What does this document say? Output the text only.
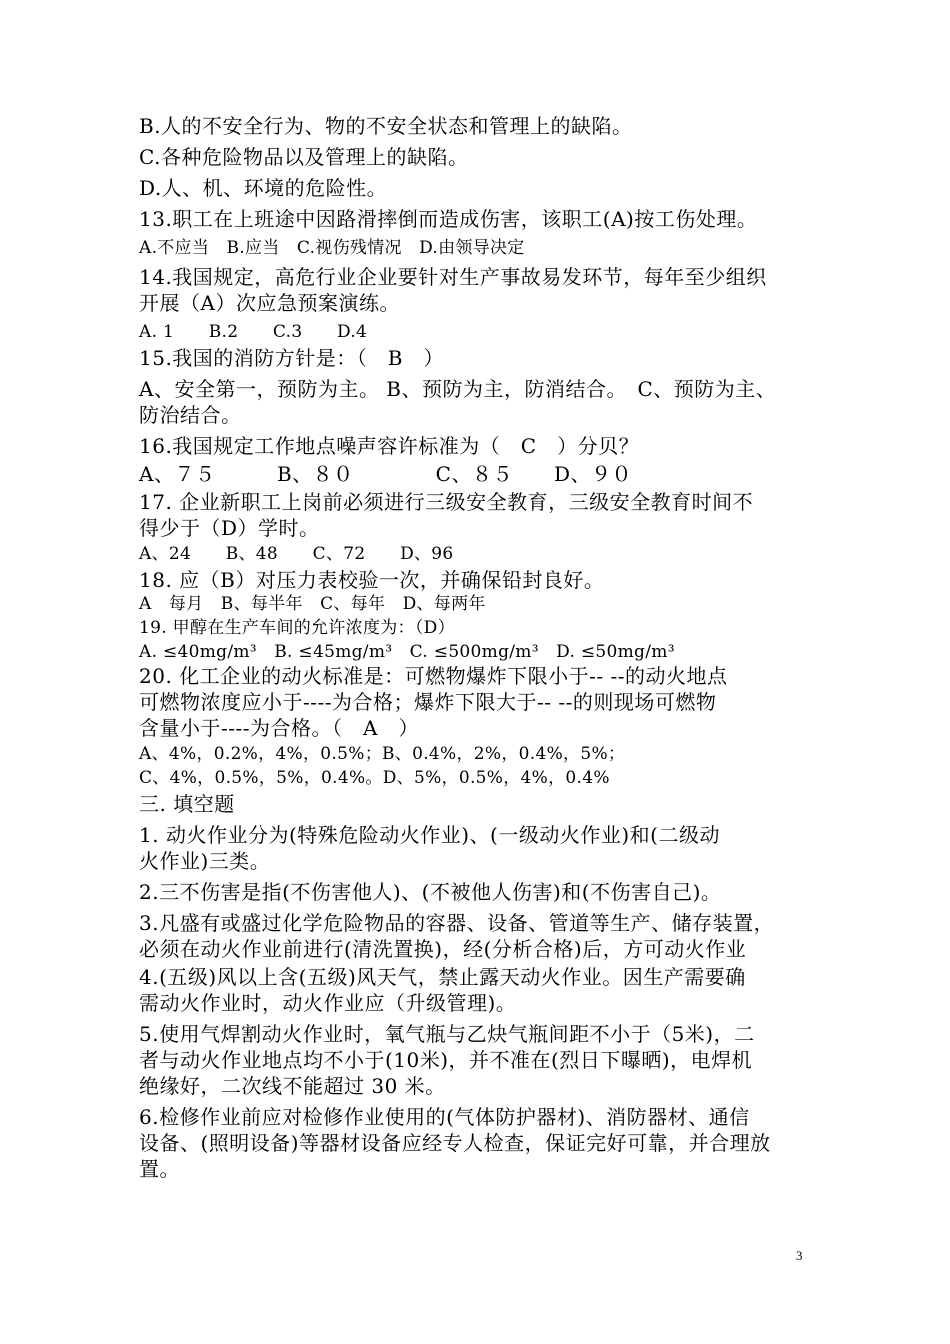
B.人的不安全行为、物的不安全状态和管理上的缺陷。

C.各种危险物品以及管理上的缺陷。

D.人、机、环境的危险性。

13.职工在上班途中因路滑摔倒而造成伤害，该职工(A)按工伤处理。

A.不应当　B.应当　C.视伤残情况　D.由领导决定

14.我国规定，高危行业企业要针对生产事故易发环节，每年至少组织

开展（A）次应急预案演练。

A. 1　　B.2　　C.3　　D.4

15.我国的消防方针是：（　B　）

A、安全第一，预防为主。 B、预防为主，防消结合。　C、预防为主、

防治结合。

16.我国规定工作地点噪声容许标准为（　C　）分贝？

A、７５　　　B、８０　　　　C、８５　　D、９０

17. 企业新职工上岗前必须进行三级安全教育，三级安全教育时间不

得少于（D）学时。

A、24　　B、48　　C、72　　D、96

18. 应（B）对压力表校验一次，并确保铅封良好。

A　每月　B、每半年　C、每年　D、每两年

19. 甲醇在生产车间的允许浓度为：（D）

A. ≤40mg/m³　B. ≤45mg/m³　C. ≤500mg/m³　D. ≤50mg/m³

20. 化工企业的动火标准是：可燃物爆炸下限小于-- --的动火地点

可燃物浓度应小于----为合格；爆炸下限大于-- --的则现场可燃物

含量小于----为合格。（　A　）

A、4%，0.2%，4%，0.5%；B、0.4%，2%，0.4%，5%；

C、4%，0.5%，5%，0.4%。D、5%，0.5%，4%，0.4%

三. 填空题

1. 动火作业分为(特殊危险动火作业)、(一级动火作业)和(二级动

火作业)三类。

2.三不伤害是指(不伤害他人)、(不被他人伤害)和(不伤害自己)。

3.凡盛有或盛过化学危险物品的容器、设备、管道等生产、储存装置，

必须在动火作业前进行(清洗置换)，经(分析合格)后，方可动火作业

4.(五级)风以上含(五级)风天气，禁止露天动火作业。因生产需要确

需动火作业时，动火作业应（升级管理)。

5.使用气焊割动火作业时，氧气瓶与乙炔气瓶间距不小于（5米)，二

者与动火作业地点均不小于(10米)，并不准在(烈日下曝晒)，电焊机

绝缘好，二次线不能超过 30 米。

6.检修作业前应对检修作业使用的(气体防护器材)、消防器材、通信

设备、(照明设备)等器材设备应经专人检查，保证完好可靠，并合理放

置。

3
